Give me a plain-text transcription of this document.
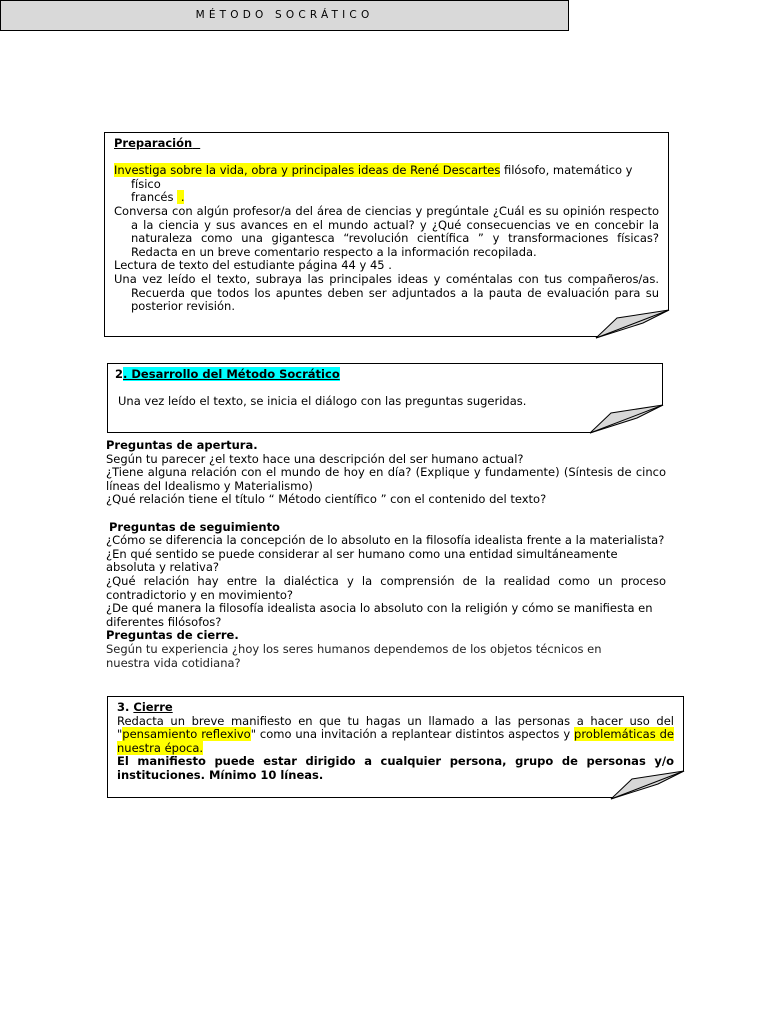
MÉTODO SOCRÁTICO

Preparación

Investiga sobre la vida, obra y principales ideas de René Descartes filósofo, matemático y físico
francés  .

Conversa con algún profesor/a del área de ciencias y pregúntale ¿Cuál es su opinión respecto a la ciencia y sus avances en el mundo actual? y ¿Qué consecuencias ve en concebir la naturaleza como una gigantesca “revolución científica ” y transformaciones físicas? Redacta en un breve comentario respecto a la información recopilada.

Lectura de texto del estudiante página 44 y 45 .

Una vez leído el texto, subraya las principales ideas y coméntalas con tus compañeros/as. Recuerda que todos los apuntes deben ser adjuntados a la pauta de evaluación para su posterior revisión.

2. Desarrollo del Método Socrático

Una vez leído el texto, se inicia el diálogo con las preguntas sugeridas.

Preguntas de apertura.

Según tu parecer ¿el texto hace una descripción del ser humano actual?

¿Tiene alguna relación con el mundo de hoy en día? (Explique y fundamente) (Síntesis de cinco líneas del Idealismo y Materialismo)

¿Qué relación tiene el título “ Método científico ” con el contenido del texto?

Preguntas de seguimiento

¿Cómo se diferencia la concepción de lo absoluto en la filosofía idealista frente a la materialista?

¿En qué sentido se puede considerar al ser humano como una entidad simultáneamente absoluta y relativa?

¿Qué relación hay entre la dialéctica y la comprensión de la realidad como un proceso contradictorio y en movimiento?

¿De qué manera la filosofía idealista asocia lo absoluto con la religión y cómo se manifiesta en diferentes filósofos?

Preguntas de cierre.

Según tu experiencia ¿hoy los seres humanos dependemos de los objetos técnicos en nuestra vida cotidiana?

3. Cierre

Redacta un breve manifiesto en que tu hagas un llamado a las personas a hacer uso del "pensamiento reflexivo" como una invitación a replantear distintos aspectos y problemáticas de nuestra época.

El manifiesto puede estar dirigido a cualquier persona, grupo de personas y/o instituciones. Mínimo 10 líneas.
